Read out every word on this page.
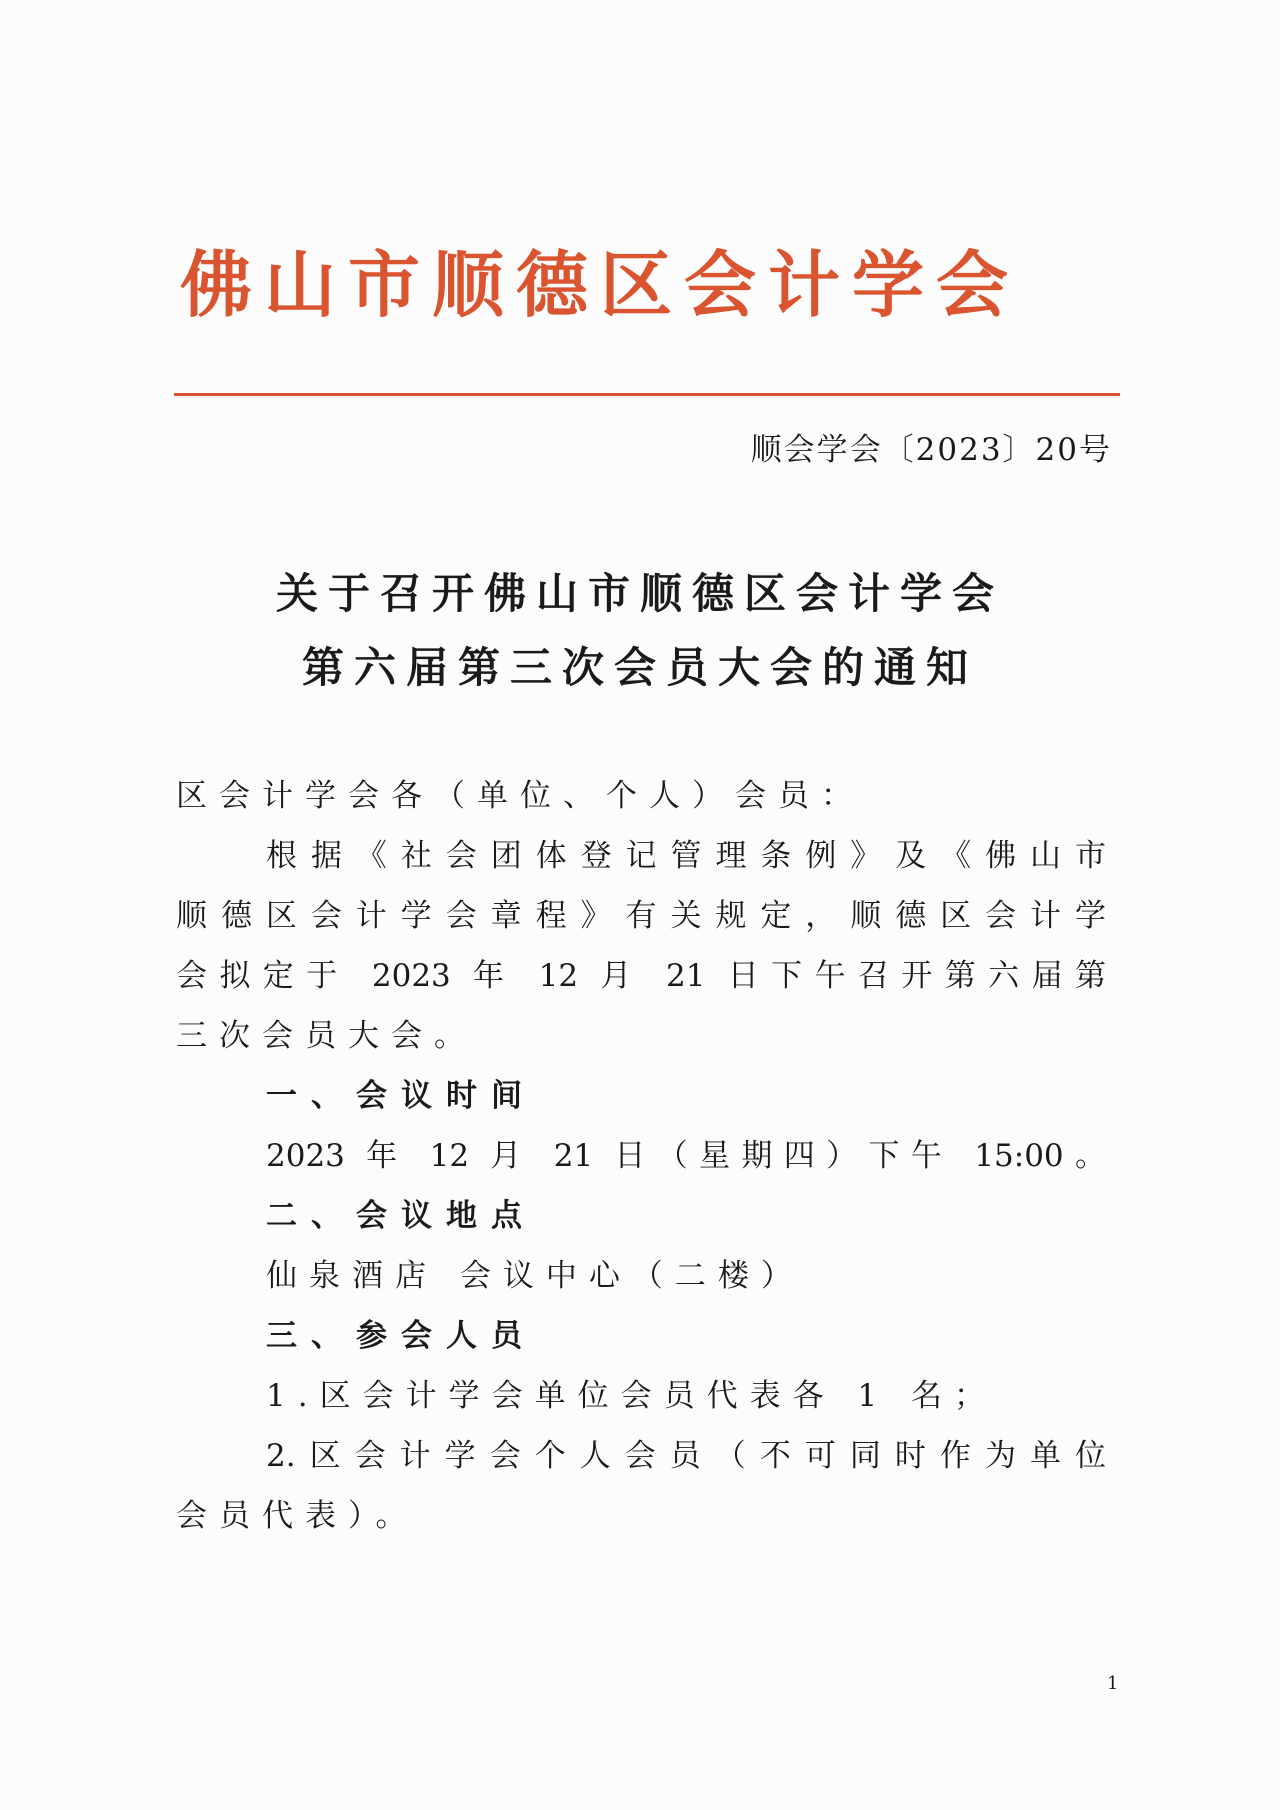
佛山市顺德区会计学会
顺会学会〔2023〕20号
关于召开佛山市顺德区会计学会
第六届第三次会员大会的通知

区会计学会各（单位、个人）会员：

根据《社会团体登记管理条例》及《佛山市

顺德区会计学会章程》有关规定，顺德区会计学

会拟定于 2023 年 12 月 21 日下午召开第六届第

三次会员大会。

一、会议时间

2023 年 12 月 21 日（星期四）下午 15:00。

二、会议地点

仙泉酒店 会议中心（二楼）

三、参会人员

1.区会计学会单位会员代表各 1 名；

2.区会计学会个人会员（不可同时作为单位

会员代表）。

1
